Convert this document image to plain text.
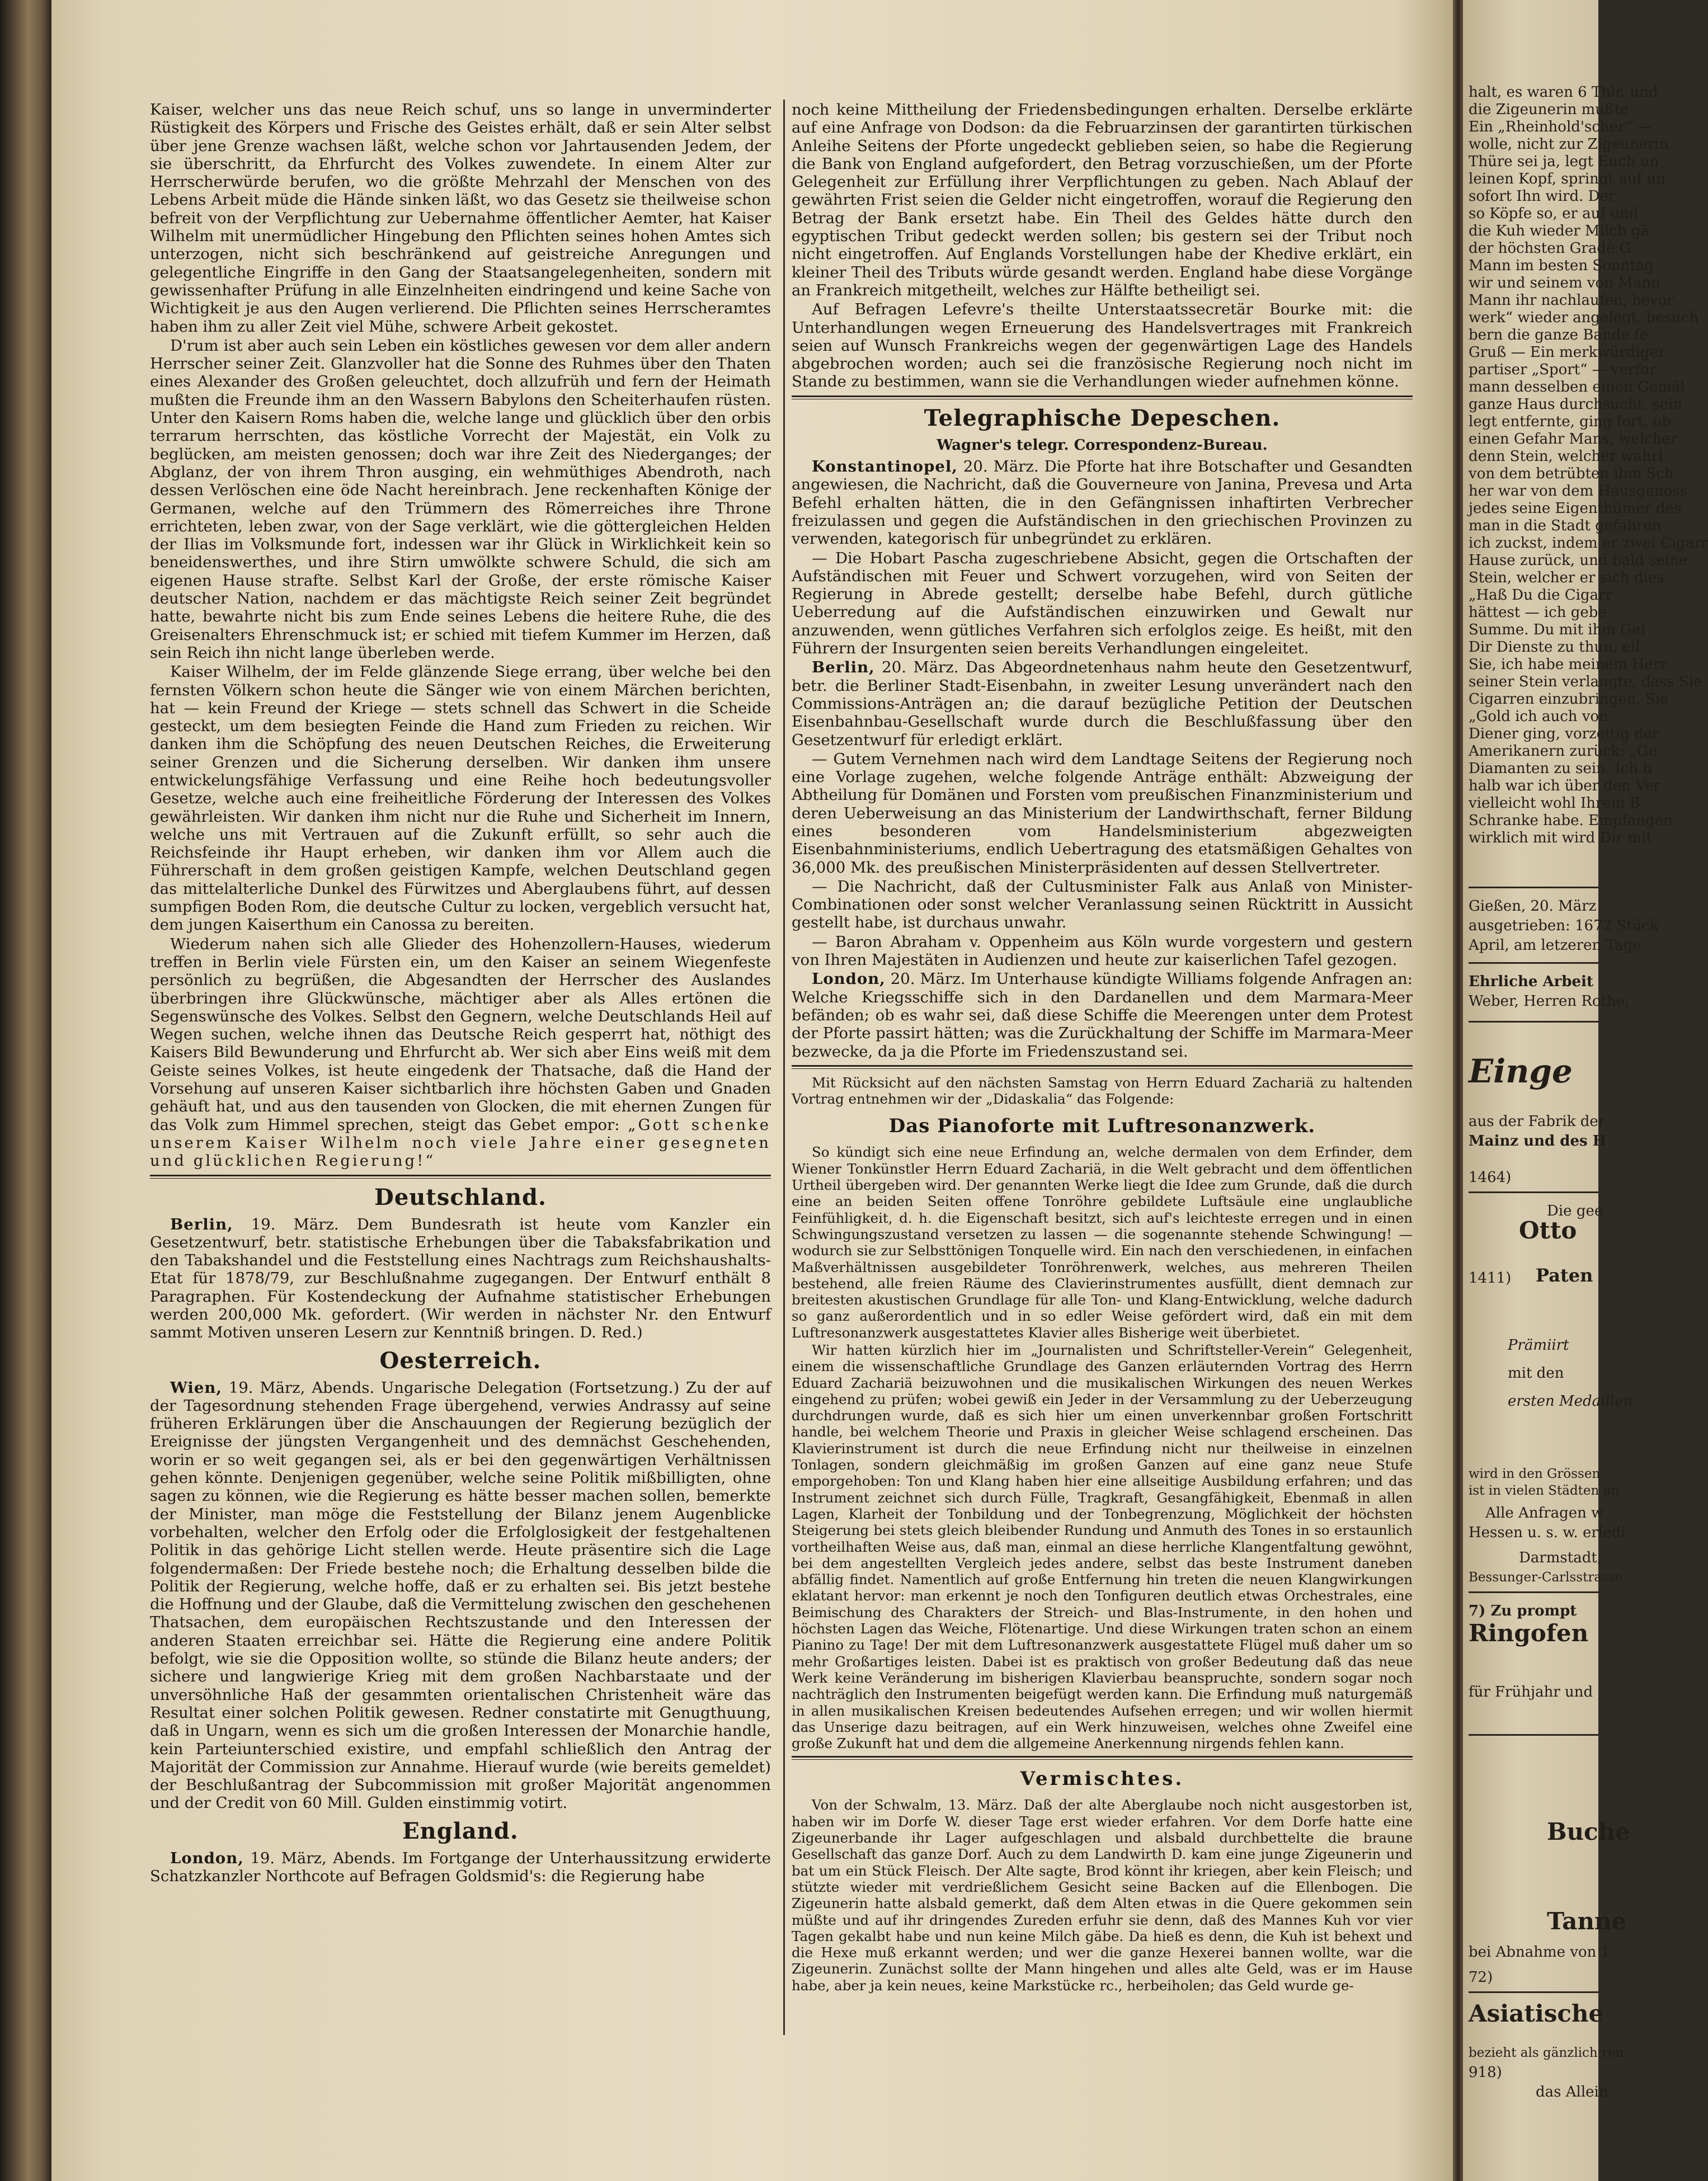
Kaiser, welcher uns das neue Reich schuf, uns so lange in unverminderter Rüstigkeit des Körpers und Frische des Geistes erhält, daß er sein Alter selbst über jene Grenze wachsen läßt, welche schon vor Jahrtausenden Jedem, der sie überschritt, da Ehrfurcht des Volkes zuwendete. In einem Alter zur Herrscherwürde berufen, wo die größte Mehrzahl der Menschen von des Lebens Arbeit müde die Hände sinken läßt, wo das Gesetz sie theilweise schon befreit von der Verpflichtung zur Uebernahme öffentlicher Aemter, hat Kaiser Wilhelm mit unermüdlicher Hingebung den Pflichten seines hohen Amtes sich unterzogen, nicht sich beschränkend auf geistreiche Anregungen und gelegentliche Eingriffe in den Gang der Staatsangelegenheiten, sondern mit gewissenhafter Prüfung in alle Einzelnheiten eindringend und keine Sache von Wichtigkeit je aus den Augen verlierend. Die Pflichten seines Herrscheramtes haben ihm zu aller Zeit viel Mühe, schwere Arbeit gekostet.

D'rum ist aber auch sein Leben ein köstliches gewesen vor dem aller andern Herrscher seiner Zeit. Glanzvoller hat die Sonne des Ruhmes über den Thaten eines Alexander des Großen geleuchtet, doch allzufrüh und fern der Heimath mußten die Freunde ihm an den Wassern Babylons den Scheiterhaufen rüsten. Unter den Kaisern Roms haben die, welche lange und glücklich über den orbis terrarum herrschten, das köstliche Vorrecht der Majestät, ein Volk zu beglücken, am meisten genossen; doch war ihre Zeit des Niederganges; der Abglanz, der von ihrem Thron ausging, ein wehmüthiges Abendroth, nach dessen Verlöschen eine öde Nacht hereinbrach. Jene reckenhaften Könige der Germanen, welche auf den Trümmern des Römerreiches ihre Throne errichteten, leben zwar, von der Sage verklärt, wie die göttergleichen Helden der Ilias im Volksmunde fort, indessen war ihr Glück in Wirklichkeit kein so beneidenswerthes, und ihre Stirn umwölkte schwere Schuld, die sich am eigenen Hause strafte. Selbst Karl der Große, der erste römische Kaiser deutscher Nation, nachdem er das mächtigste Reich seiner Zeit begründet hatte, bewahrte nicht bis zum Ende seines Lebens die heitere Ruhe, die des Greisenalters Ehrenschmuck ist; er schied mit tiefem Kummer im Herzen, daß sein Reich ihn nicht lange überleben werde.

Kaiser Wilhelm, der im Felde glänzende Siege errang, über welche bei den fernsten Völkern schon heute die Sänger wie von einem Märchen berichten, hat — kein Freund der Kriege — stets schnell das Schwert in die Scheide gesteckt, um dem besiegten Feinde die Hand zum Frieden zu reichen. Wir danken ihm die Schöpfung des neuen Deutschen Reiches, die Erweiterung seiner Grenzen und die Sicherung derselben. Wir danken ihm unsere entwickelungsfähige Verfassung und eine Reihe hoch bedeutungsvoller Gesetze, welche auch eine freiheitliche Förderung der Interessen des Volkes gewährleisten. Wir danken ihm nicht nur die Ruhe und Sicherheit im Innern, welche uns mit Vertrauen auf die Zukunft erfüllt, so sehr auch die Reichsfeinde ihr Haupt erheben, wir danken ihm vor Allem auch die Führerschaft in dem großen geistigen Kampfe, welchen Deutschland gegen das mittelalterliche Dunkel des Fürwitzes und Aberglaubens führt, auf dessen sumpfigen Boden Rom, die deutsche Cultur zu locken, vergeblich versucht hat, dem jungen Kaiserthum ein Canossa zu bereiten.

Wiederum nahen sich alle Glieder des Hohenzollern-Hauses, wiederum treffen in Berlin viele Fürsten ein, um den Kaiser an seinem Wiegenfeste persönlich zu begrüßen, die Abgesandten der Herrscher des Auslandes überbringen ihre Glückwünsche, mächtiger aber als Alles ertönen die Segenswünsche des Volkes. Selbst den Gegnern, welche Deutschlands Heil auf Wegen suchen, welche ihnen das Deutsche Reich gesperrt hat, nöthigt des Kaisers Bild Bewunderung und Ehrfurcht ab. Wer sich aber Eins weiß mit dem Geiste seines Volkes, ist heute eingedenk der Thatsache, daß die Hand der Vorsehung auf unseren Kaiser sichtbarlich ihre höchsten Gaben und Gnaden gehäuft hat, und aus den tausenden von Glocken, die mit ehernen Zungen für das Volk zum Himmel sprechen, steigt das Gebet empor: „Gott schenke unserem Kaiser Wilhelm noch viele Jahre einer gesegneten und glücklichen Regierung!“

Deutschland.

Berlin, 19. März. Dem Bundesrath ist heute vom Kanzler ein Gesetzentwurf, betr. statistische Erhebungen über die Tabaksfabrikation und den Tabakshandel und die Feststellung eines Nachtrags zum Reichshaushalts-Etat für 1878/79, zur Beschlußnahme zugegangen. Der Entwurf enthält 8 Paragraphen. Für Kostendeckung der Aufnahme statistischer Erhebungen werden 200,000 Mk. gefordert. (Wir werden in nächster Nr. den Entwurf sammt Motiven unseren Lesern zur Kenntniß bringen. D. Red.)

Oesterreich.

Wien, 19. März, Abends. Ungarische Delegation (Fortsetzung.) Zu der auf der Tagesordnung stehenden Frage übergehend, verwies Andrassy auf seine früheren Erklärungen über die Anschauungen der Regierung bezüglich der Ereignisse der jüngsten Vergangenheit und des demnächst Geschehenden, worin er so weit gegangen sei, als er bei den gegenwärtigen Verhältnissen gehen könnte. Denjenigen gegenüber, welche seine Politik mißbilligten, ohne sagen zu können, wie die Regierung es hätte besser machen sollen, bemerkte der Minister, man möge die Feststellung der Bilanz jenem Augenblicke vorbehalten, welcher den Erfolg oder die Erfolglosigkeit der festgehaltenen Politik in das gehörige Licht stellen werde. Heute präsentire sich die Lage folgendermaßen: Der Friede bestehe noch; die Erhaltung desselben bilde die Politik der Regierung, welche hoffe, daß er zu erhalten sei. Bis jetzt bestehe die Hoffnung und der Glaube, daß die Vermittelung zwischen den geschehenen Thatsachen, dem europäischen Rechtszustande und den Interessen der anderen Staaten erreichbar sei. Hätte die Regierung eine andere Politik befolgt, wie sie die Opposition wollte, so stünde die Bilanz heute anders; der sichere und langwierige Krieg mit dem großen Nachbarstaate und der unversöhnliche Haß der gesammten orientalischen Christenheit wäre das Resultat einer solchen Politik gewesen. Redner constatirte mit Genugthuung, daß in Ungarn, wenn es sich um die großen Interessen der Monarchie handle, kein Parteiunterschied existire, und empfahl schließlich den Antrag der Majorität der Commission zur Annahme. Hierauf wurde (wie bereits gemeldet) der Beschlußantrag der Subcommission mit großer Majorität angenommen und der Credit von 60 Mill. Gulden einstimmig votirt.

England.

London, 19. März, Abends. Im Fortgange der Unterhaussitzung erwiderte Schatzkanzler Northcote auf Befragen Goldsmid's: die Regierung habe

noch keine Mittheilung der Friedensbedingungen erhalten. Derselbe erklärte auf eine Anfrage von Dodson: da die Februarzinsen der garantirten türkischen Anleihe Seitens der Pforte ungedeckt geblieben seien, so habe die Regierung die Bank von England aufgefordert, den Betrag vorzuschießen, um der Pforte Gelegenheit zur Erfüllung ihrer Verpflichtungen zu geben. Nach Ablauf der gewährten Frist seien die Gelder nicht eingetroffen, worauf die Regierung den Betrag der Bank ersetzt habe. Ein Theil des Geldes hätte durch den egyptischen Tribut gedeckt werden sollen; bis gestern sei der Tribut noch nicht eingetroffen. Auf Englands Vorstellungen habe der Khedive erklärt, ein kleiner Theil des Tributs würde gesandt werden. England habe diese Vorgänge an Frankreich mitgetheilt, welches zur Hälfte betheiligt sei.

Auf Befragen Lefevre's theilte Unterstaatssecretär Bourke mit: die Unterhandlungen wegen Erneuerung des Handelsvertrages mit Frankreich seien auf Wunsch Frankreichs wegen der gegenwärtigen Lage des Handels abgebrochen worden; auch sei die französische Regierung noch nicht im Stande zu bestimmen, wann sie die Verhandlungen wieder aufnehmen könne.

Telegraphische Depeschen.
Wagner's telegr. Correspondenz-Bureau.

Konstantinopel, 20. März. Die Pforte hat ihre Botschafter und Gesandten angewiesen, die Nachricht, daß die Gouverneure von Janina, Prevesa und Arta Befehl erhalten hätten, die in den Gefängnissen inhaftirten Verbrecher freizulassen und gegen die Aufständischen in den griechischen Provinzen zu verwenden, kategorisch für unbegründet zu erklären.

— Die Hobart Pascha zugeschriebene Absicht, gegen die Ortschaften der Aufständischen mit Feuer und Schwert vorzugehen, wird von Seiten der Regierung in Abrede gestellt; derselbe habe Befehl, durch gütliche Ueberredung auf die Aufständischen einzuwirken und Gewalt nur anzuwenden, wenn gütliches Verfahren sich erfolglos zeige. Es heißt, mit den Führern der Insurgenten seien bereits Verhandlungen eingeleitet.

Berlin, 20. März. Das Abgeordnetenhaus nahm heute den Gesetzentwurf, betr. die Berliner Stadt-Eisenbahn, in zweiter Lesung unverändert nach den Commissions-Anträgen an; die darauf bezügliche Petition der Deutschen Eisenbahnbau-Gesellschaft wurde durch die Beschlußfassung über den Gesetzentwurf für erledigt erklärt.

— Gutem Vernehmen nach wird dem Landtage Seitens der Regierung noch eine Vorlage zugehen, welche folgende Anträge enthält: Abzweigung der Abtheilung für Domänen und Forsten vom preußischen Finanzministerium und deren Ueberweisung an das Ministerium der Landwirthschaft, ferner Bildung eines besonderen vom Handelsministerium abgezweigten Eisenbahnministeriums, endlich Uebertragung des etatsmäßigen Gehaltes von 36,000 Mk. des preußischen Ministerpräsidenten auf dessen Stellvertreter.

— Die Nachricht, daß der Cultusminister Falk aus Anlaß von Minister-Combinationen oder sonst welcher Veranlassung seinen Rücktritt in Aussicht gestellt habe, ist durchaus unwahr.

— Baron Abraham v. Oppenheim aus Köln wurde vorgestern und gestern von Ihren Majestäten in Audienzen und heute zur kaiserlichen Tafel gezogen.

London, 20. März. Im Unterhause kündigte Williams folgende Anfragen an: Welche Kriegsschiffe sich in den Dardanellen und dem Marmara-Meer befänden; ob es wahr sei, daß diese Schiffe die Meerengen unter dem Protest der Pforte passirt hätten; was die Zurückhaltung der Schiffe im Marmara-Meer bezwecke, da ja die Pforte im Friedenszustand sei.

Mit Rücksicht auf den nächsten Samstag von Herrn Eduard Zachariä zu haltenden Vortrag entnehmen wir der „Didaskalia“ das Folgende:

Das Pianoforte mit Luftresonanzwerk.

So kündigt sich eine neue Erfindung an, welche dermalen von dem Erfinder, dem Wiener Tonkünstler Herrn Eduard Zachariä, in die Welt gebracht und dem öffentlichen Urtheil übergeben wird. Der genannten Werke liegt die Idee zum Grunde, daß die durch eine an beiden Seiten offene Tonröhre gebildete Luftsäule eine unglaubliche Feinfühligkeit, d. h. die Eigenschaft besitzt, sich auf's leichteste erregen und in einen Schwingungszustand versetzen zu lassen — die sogenannte stehende Schwingung! — wodurch sie zur Selbsttönigen Tonquelle wird. Ein nach den verschiedenen, in einfachen Maßverhältnissen ausgebildeter Tonröhrenwerk, welches, aus mehreren Theilen bestehend, alle freien Räume des Clavierinstrumentes ausfüllt, dient demnach zur breitesten akustischen Grundlage für alle Ton- und Klang-Entwicklung, welche dadurch so ganz außerordentlich und in so edler Weise gefördert wird, daß ein mit dem Luftresonanzwerk ausgestattetes Klavier alles Bisherige weit überbietet.

Wir hatten kürzlich hier im „Journalisten und Schriftsteller-Verein“ Gelegenheit, einem die wissenschaftliche Grundlage des Ganzen erläuternden Vortrag des Herrn Eduard Zachariä beizuwohnen und die musikalischen Wirkungen des neuen Werkes eingehend zu prüfen; wobei gewiß ein Jeder in der Versammlung zu der Ueberzeugung durchdrungen wurde, daß es sich hier um einen unverkennbar großen Fortschritt handle, bei welchem Theorie und Praxis in gleicher Weise schlagend erscheinen. Das Klavierinstrument ist durch die neue Erfindung nicht nur theilweise in einzelnen Tonlagen, sondern gleichmäßig im großen Ganzen auf eine ganz neue Stufe emporgehoben: Ton und Klang haben hier eine allseitige Ausbildung erfahren; und das Instrument zeichnet sich durch Fülle, Tragkraft, Gesangfähigkeit, Ebenmaß in allen Lagen, Klarheit der Tonbildung und der Tonbegrenzung, Möglichkeit der höchsten Steigerung bei stets gleich bleibender Rundung und Anmuth des Tones in so erstaunlich vortheilhaften Weise aus, daß man, einmal an diese herrliche Klangentfaltung gewöhnt, bei dem angestellten Vergleich jedes andere, selbst das beste Instrument daneben abfällig findet. Namentlich auf große Entfernung hin treten die neuen Klangwirkungen eklatant hervor: man erkennt je noch den Tonfiguren deutlich etwas Orchestrales, eine Beimischung des Charakters der Streich- und Blas-Instrumente, in den hohen und höchsten Lagen das Weiche, Flötenartige. Und diese Wirkungen traten schon an einem Pianino zu Tage! Der mit dem Luftresonanzwerk ausgestattete Flügel muß daher um so mehr Großartiges leisten. Dabei ist es praktisch von großer Bedeutung daß das neue Werk keine Veränderung im bisherigen Klavierbau beanspruchte, sondern sogar noch nachträglich den Instrumenten beigefügt werden kann. Die Erfindung muß naturgemäß in allen musikalischen Kreisen bedeutendes Aufsehen erregen; und wir wollen hiermit das Unserige dazu beitragen, auf ein Werk hinzuweisen, welches ohne Zweifel eine große Zukunft hat und dem die allgemeine Anerkennung nirgends fehlen kann.

Vermischtes.

Von der Schwalm, 13. März. Daß der alte Aberglaube noch nicht ausgestorben ist, haben wir im Dorfe W. dieser Tage erst wieder erfahren. Vor dem Dorfe hatte eine Zigeunerbande ihr Lager aufgeschlagen und alsbald durchbettelte die braune Gesellschaft das ganze Dorf. Auch zu dem Landwirth D. kam eine junge Zigeunerin und bat um ein Stück Fleisch. Der Alte sagte, Brod könnt ihr kriegen, aber kein Fleisch; und stützte wieder mit verdrießlichem Gesicht seine Backen auf die Ellenbogen. Die Zigeunerin hatte alsbald gemerkt, daß dem Alten etwas in die Quere gekommen sein müßte und auf ihr dringendes Zureden erfuhr sie denn, daß des Mannes Kuh vor vier Tagen gekalbt habe und nun keine Milch gäbe. Da hieß es denn, die Kuh ist behext und die Hexe muß erkannt werden; und wer die ganze Hexerei bannen wollte, war die Zigeunerin. Zunächst sollte der Mann hingehen und alles alte Geld, was er im Hause habe, aber ja kein neues, keine Markstücke rc., herbeiholen; das Geld wurde ge-

halt, es waren 6 Thlr. und
die Zigeunerin mußte
Ein „Rheinhold'scher“ —
wolle, nicht zur Zigeunerin
Thüre sei ja, legt Euch un
leinen Kopf, springt auf un
sofort Ihn wird. Der
so Köpfe so, er auf und
die Kuh wieder Milch gä
der höchsten Grade G
Mann im besten Sonntag
wir und seinem von Mann
Mann ihr nachlaufen, bevor
werk“ wieder angelegt, besuch
bern die ganze Bande fe
Gruß — Ein merkwürdiger
partiser „Sport“ — verfor
mann desselben einen Gemäl
ganze Haus durchsucht, sein
legt entfernte, ging fort, ob
einen Gefahr Mans, welcher
denn Stein, welcher wahrl
von dem betrübten ihm Sch
her war von dem Hausgenoss
jedes seine Eigenthümer des
man in die Stadt gefahren
ich zuckst, indem er zwei Cigarr
Hause zurück, und bald seine
Stein, welcher er sich dies
„Haß Du die Cigarr
hättest — ich gebe
Summe. Du mit ihm Gel
Dir Dienste zu thun, eil
Sie, ich habe meinem Herr
seiner Stein verlangte, dass Sie
Cigarren einzubringen. Sie
„Gold ich auch von
Diener ging, vorzeitig der
Amerikanern zurück: „Ge
Diamanten zu sein. Ich h
halb war ich über den Ver
vielleicht wohl Ihrem B
Schranke habe. Empfangen
wirklich mit wird Dir mit
Gießen, 20. März
ausgetrieben: 1672 Stück
April, am letzeren Tage
Ehrliche Arbeit
Weber, Herren Rothe,
Einge
aus der Fabrik der
Mainz und des H
1464)
Die gee
Otto
1411) Paten
Prämiirt
mit den
ersten Medaillen
wird in den Grössen
ist in vielen Städten an
Alle Anfragen w
Hessen u. s. w. erledi
Darmstadt,
Bessunger-Carlsstrasse
7) Zu prompt
Ringofen
für Frühjahr und
Buche
Tanne
bei Abnahme von 1
72)
Asiatische
bezieht als gänzlich ren
918)
das Allein
